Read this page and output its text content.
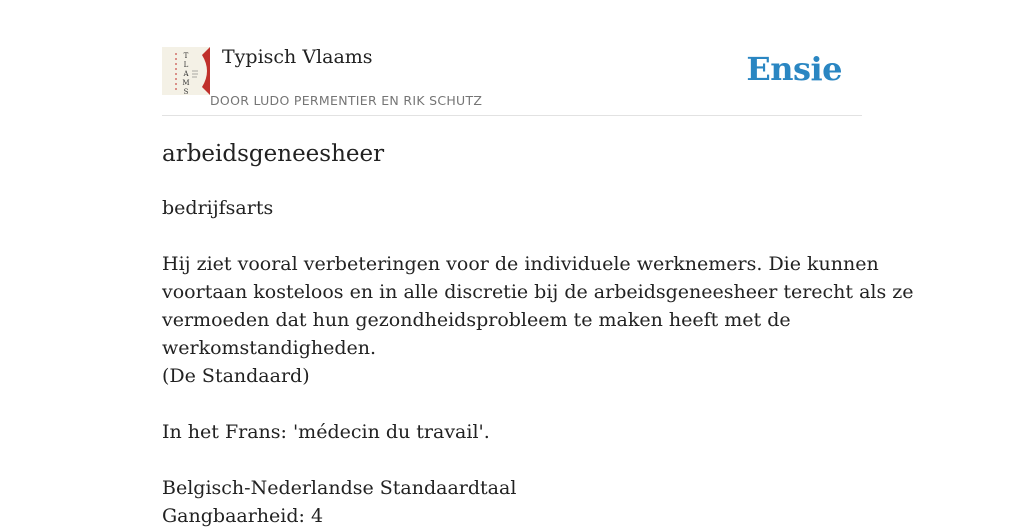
T
L
A
M
S
Typisch Vlaams
DOOR LUDO PERMENTIER EN RIK SCHUTZ
Ensie
arbeidsgeneesheer
bedrijfsarts
Hij ziet vooral verbeteringen voor de individuele werknemers. Die kunnen
voortaan kosteloos en in alle discretie bij de arbeidsgeneesheer terecht als ze
vermoeden dat hun gezondheidsprobleem te maken heeft met de
werkomstandigheden.
(De Standaard)
In het Frans: 'médecin du travail'.
Belgisch-Nederlandse Standaardtaal
Gangbaarheid: 4
